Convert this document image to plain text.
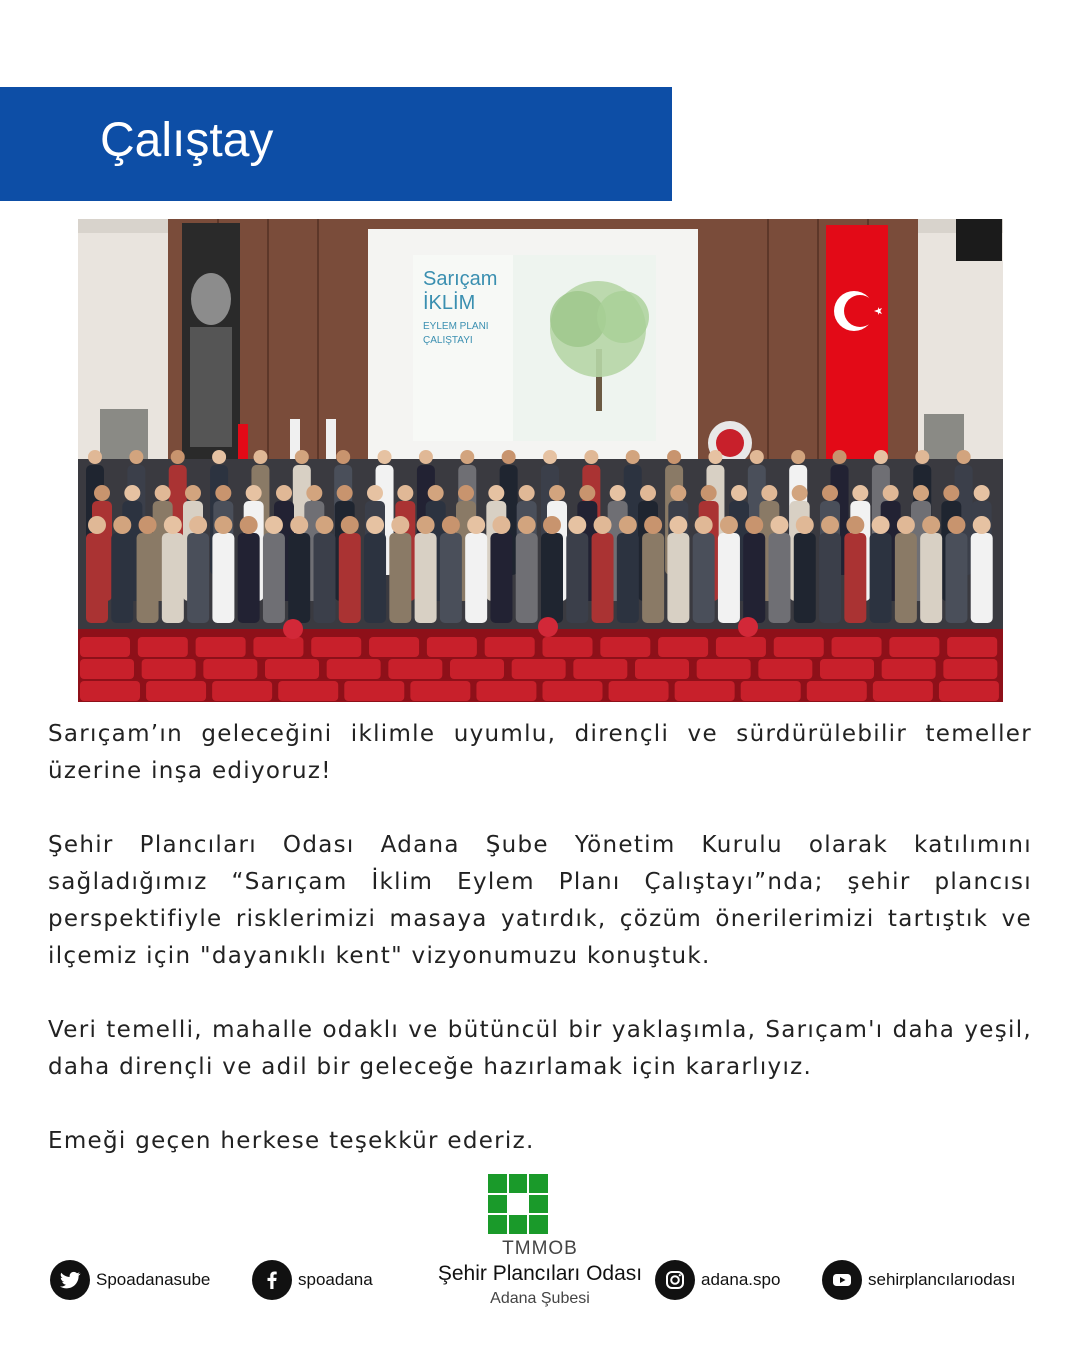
Çalıştay
Sarıçam
İKLİM
EYLEM PLANI
ÇALIŞTAYI

Sarıçam’ın geleceğini iklimle uyumlu, dirençli ve sürdürülebilir temeller üzerine inşa ediyoruz!

Şehir Plancıları Odası Adana Şube Yönetim Kurulu olarak katılımını sağladığımız “Sarıçam İklim Eylem Planı Çalıştayı”nda; şehir plancısı perspektifiyle risklerimizi masaya yatırdık, çözüm önerilerimizi tartıştık ve ilçemiz için "dayanıklı kent" vizyonumuzu konuştuk.

Veri temelli, mahalle odaklı ve bütüncül bir yaklaşımla, Sarıçam'ı daha yeşil, daha dirençli ve adil bir geleceğe hazırlamak için kararlıyız.

Emeği geçen herkese teşekkür ederiz.

TMMOB
Şehir Plancıları Odası
Adana Şubesi
Spoadanasube	spoadana	adana.spo	sehirplancılarıodası
